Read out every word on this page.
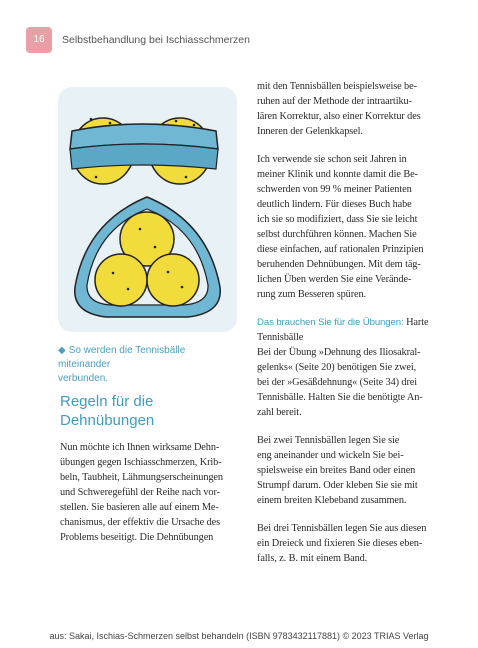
16	Selbstbehandlung bei Ischiasschmerzen
◆ So werden die Tennisbälle miteinander
verbunden.
Regeln für die
Dehnübungen
Nun möchte ich Ihnen wirksame Dehn-
übungen gegen Ischiasschmerzen, Krib-
beln, Taubheit, Lähmungserscheinungen
und Schweregefühl der Reihe nach vor-
stellen. Sie basieren alle auf einem Me-
chanismus, der effektiv die Ursache des
Problems beseitigt. Die Dehnübungen
mit den Tennisbällen beispielsweise be-
ruhen auf der Methode der intraartiku-
lären Korrektur, also einer Korrektur des
Inneren der Gelenkkapsel.
Ich verwende sie schon seit Jahren in
meiner Klinik und konnte damit die Be-
schwerden von 99 % meiner Patienten
deutlich lindern. Für dieses Buch habe
ich sie so modifiziert, dass Sie sie leicht
selbst durchführen können. Machen Sie
diese einfachen, auf rationalen Prinzipien
beruhenden Dehnübungen. Mit dem täg-
lichen Üben werden Sie eine Verände-
rung zum Besseren spüren.
Das brauchen Sie für die Übungen: Harte
Tennisbälle
Bei der Übung »Dehnung des Iliosakral-
gelenks« (Seite 20) benötigen Sie zwei,
bei der »Gesäßdehnung« (Seite 34) drei
Tennisbälle. Halten Sie die benötigte An-
zahl bereit.
Bei zwei Tennisbällen legen Sie sie
eng aneinander und wickeln Sie bei-
spielsweise ein breites Band oder einen
Strumpf darum. Oder kleben Sie sie mit
einem breiten Klebeband zusammen.
Bei drei Tennisbällen legen Sie aus diesen
ein Dreieck und fixieren Sie dieses eben-
falls, z. B. mit einem Band.
aus: Sakai, Ischias-Schmerzen selbst behandeln (ISBN 9783432117881) © 2023 TRIAS Verlag
